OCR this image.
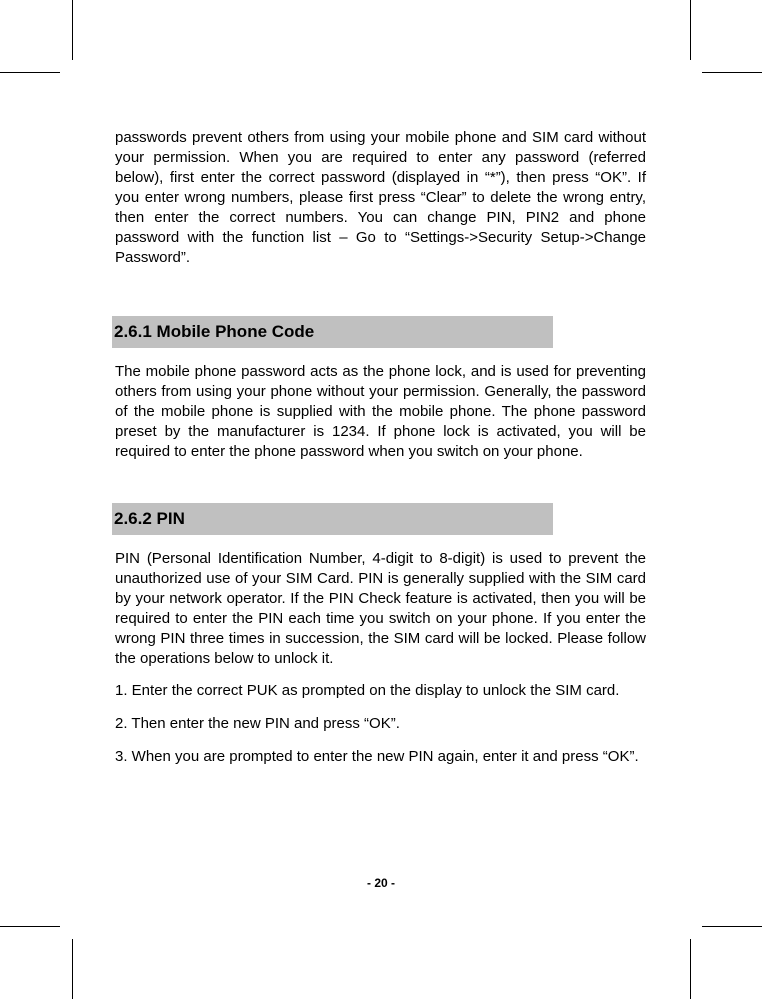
passwords prevent others from using your mobile phone and SIM card without your permission. When you are required to enter any password (referred below), first enter the correct password (displayed in “*”), then press “OK”. If you enter wrong numbers, please first press “Clear” to delete the wrong entry, then enter the correct numbers. You can change PIN, PIN2 and phone password with the function list – Go to “Settings->Security Setup->Change Password”.

2.6.1 Mobile Phone Code

The mobile phone password acts as the phone lock, and is used for preventing others from using your phone without your permission. Generally, the password of the mobile phone is supplied with the mobile phone. The phone password preset by the manufacturer is 1234. If phone lock is activated, you will be required to enter the phone password when you switch on your phone.

2.6.2 PIN

PIN (Personal Identification Number, 4-digit to 8-digit) is used to prevent the unauthorized use of your SIM Card. PIN is generally supplied with the SIM card by your network operator. If the PIN Check feature is activated, then you will be required to enter the PIN each time you switch on your phone. If you enter the wrong PIN three times in succession, the SIM card will be locked. Please follow the operations below to unlock it.

1. Enter the correct PUK as prompted on the display to unlock the SIM card.

2. Then enter the new PIN and press “OK”.

3. When you are prompted to enter the new PIN again, enter it and press “OK”.

- 20 -
